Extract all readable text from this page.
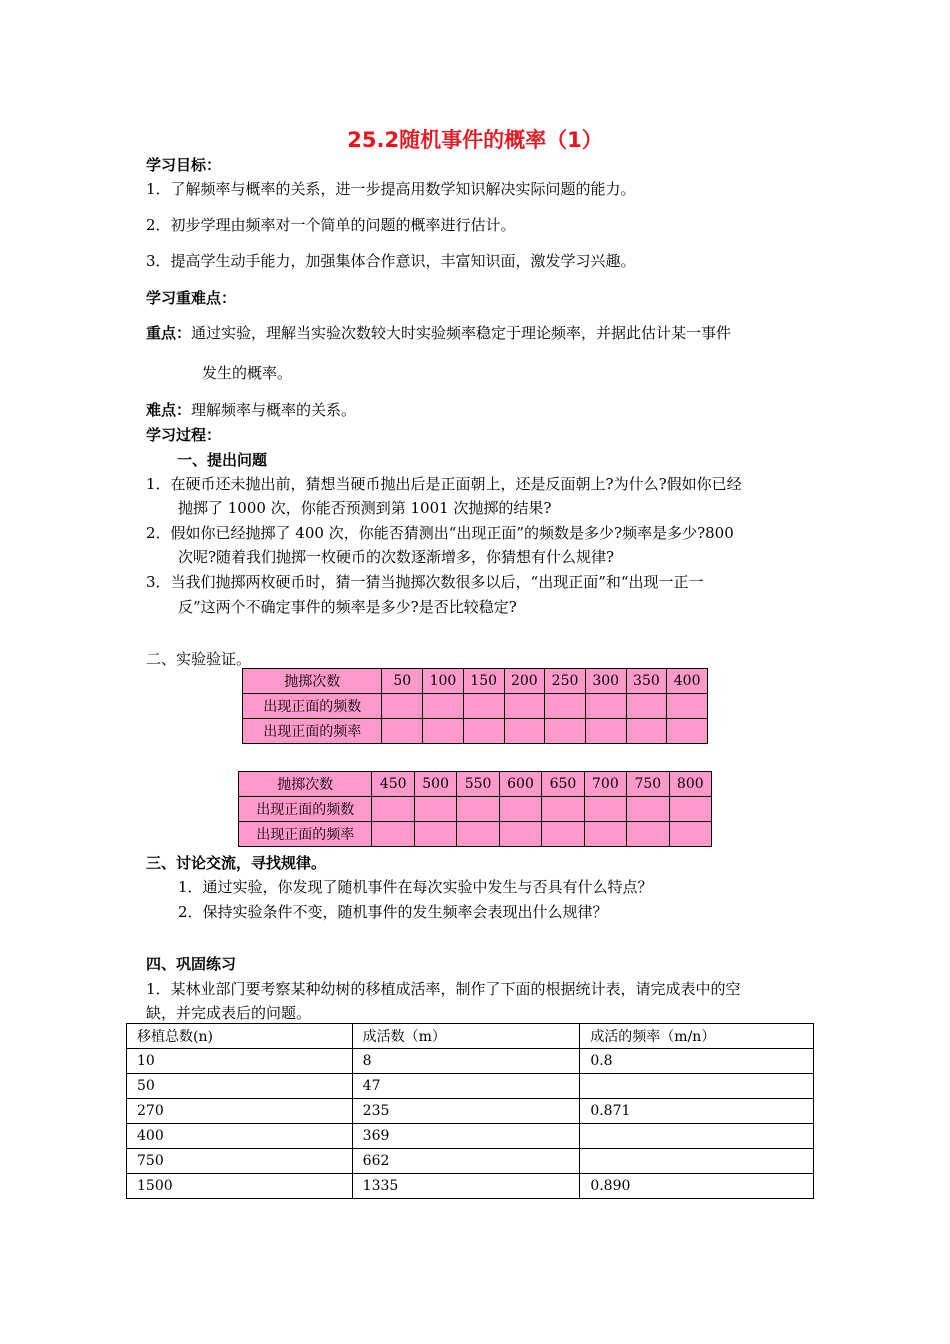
25.2随机事件的概率（1）
学习目标：
1．了解频率与概率的关系，进一步提高用数学知识解决实际问题的能力。
2．初步学理由频率对一个简单的问题的概率进行估计。
3．提高学生动手能力，加强集体合作意识，丰富知识面，激发学习兴趣。
学习重难点：
重点：通过实验，理解当实验次数较大时实验频率稳定于理论频率，并据此估计某一事件
发生的概率。
难点：理解频率与概率的关系。
学习过程：
一、提出问题
1．在硬币还未抛出前，猜想当硬币抛出后是正面朝上，还是反面朝上?为什么?假如你已经
抛掷了 1000 次，你能否预测到第 1001 次抛掷的结果?
2．假如你已经抛掷了 400 次，你能否猜测出“出现正面”的频数是多少?频率是多少?800
次呢?随着我们抛掷一枚硬币的次数逐渐增多，你猜想有什么规律?
3．当我们抛掷两枚硬币时，猜一猜当抛掷次数很多以后，“出现正面”和“出现一正一
反”这两个不确定事件的频率是多少?是否比较稳定?
二、实验验证。
抛掷次数	50	100	150	200	250	300	350	400
出现正面的频数								
出现正面的频率								
抛掷次数	450	500	550	600	650	700	750	800
出现正面的频数								
出现正面的频率								
三、讨论交流，寻找规律。
1．通过实验，你发现了随机事件在每次实验中发生与否具有什么特点？
2．保持实验条件不变，随机事件的发生频率会表现出什么规律？
四、巩固练习
1．某林业部门要考察某种幼树的移植成活率，制作了下面的根据统计表，请完成表中的空
缺，并完成表后的问题。
移植总数(n)	成活数（m）	成活的频率（m/n）
10	8	0.8
50	47	
270	235	0.871
400	369	
750	662	
1500	1335	0.890
